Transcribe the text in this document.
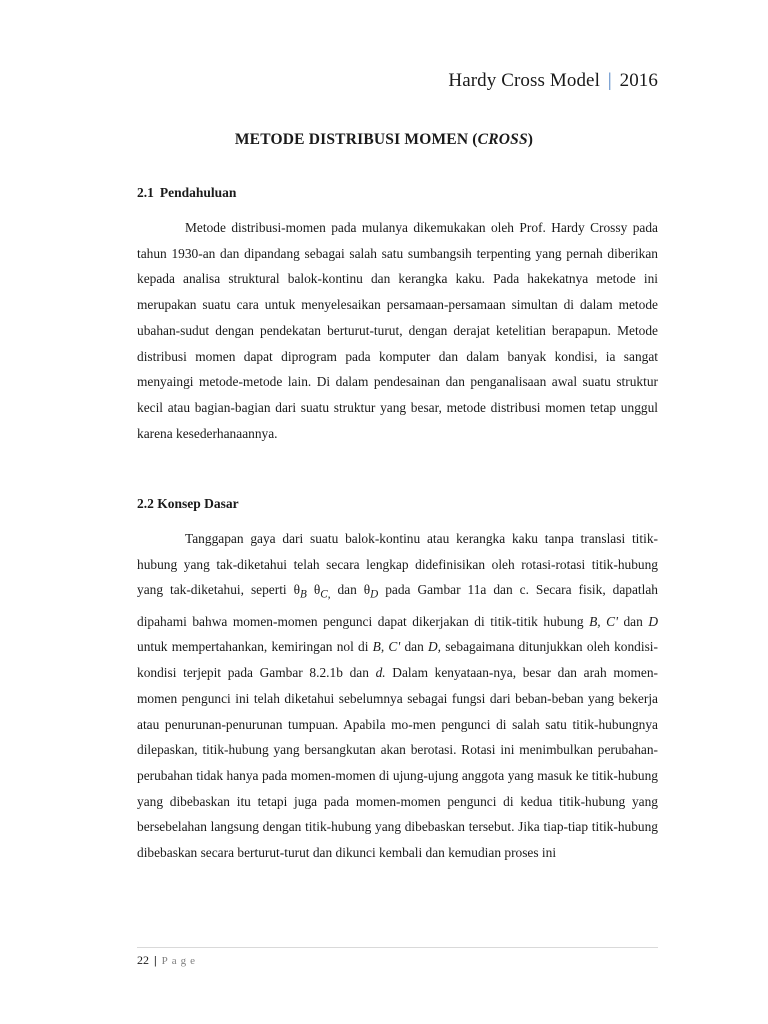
Hardy Cross Model | 2016
METODE DISTRIBUSI MOMEN (CROSS)
2.1 Pendahuluan

Metode distribusi-momen pada mulanya dikemukakan oleh Prof. Hardy Crossy pada tahun 1930-an dan dipandang sebagai salah satu sumbangsih terpenting yang pernah diberikan kepada analisa struktural balok-kontinu dan kerangka kaku. Pada hakekatnya metode ini merupakan suatu cara untuk menyelesaikan persamaan-persamaan simultan di dalam metode ubahan-sudut dengan pendekatan berturut-turut, dengan derajat ketelitian berapapun. Metode distribusi momen dapat diprogram pada komputer dan dalam banyak kondisi, ia sangat menyaingi metode-metode lain. Di dalam pendesainan dan penganalisaan awal suatu struktur kecil atau bagian-bagian dari suatu struktur yang besar, metode distribusi momen tetap unggul karena kesederhanaannya.

2.2 Konsep Dasar

Tanggapan gaya dari suatu balok-kontinu atau kerangka kaku tanpa translasi titik-hubung yang tak-diketahui telah secara lengkap didefinisikan oleh rotasi-rotasi titik-hubung yang tak-diketahui, seperti $\theta_B$ $\theta_{C,}$ dan $\theta_D$ pada Gambar 11a dan c. Secara fisik, dapatlah dipahami bahwa momen-momen pengunci dapat dikerjakan di titik-titik hubung B, C' dan D untuk mempertahankan, kemiringan nol di B, C' dan D, sebagaimana ditunjukkan oleh kondisi-kondisi terjepit pada Gambar 8.2.1b dan d. Dalam kenyataan-nya, besar dan arah momen-momen pengunci ini telah diketahui sebelumnya sebagai fungsi dari beban-beban yang bekerja atau penurunan-penurunan tumpuan. Apabila mo-men pengunci di salah satu titik-hubungnya dilepaskan, titik-hubung yang bersangkutan akan berotasi. Rotasi ini menimbulkan perubahan-perubahan tidak hanya pada momen-momen di ujung-ujung anggota yang masuk ke titik-hubung yang dibebaskan itu tetapi juga pada momen-momen pengunci di kedua titik-hubung yang bersebelahan langsung dengan titik-hubung yang dibebaskan tersebut. Jika tiap-tiap titik-hubung dibebaskan secara berturut-turut dan dikunci kembali dan kemudian proses ini

22 | Page
